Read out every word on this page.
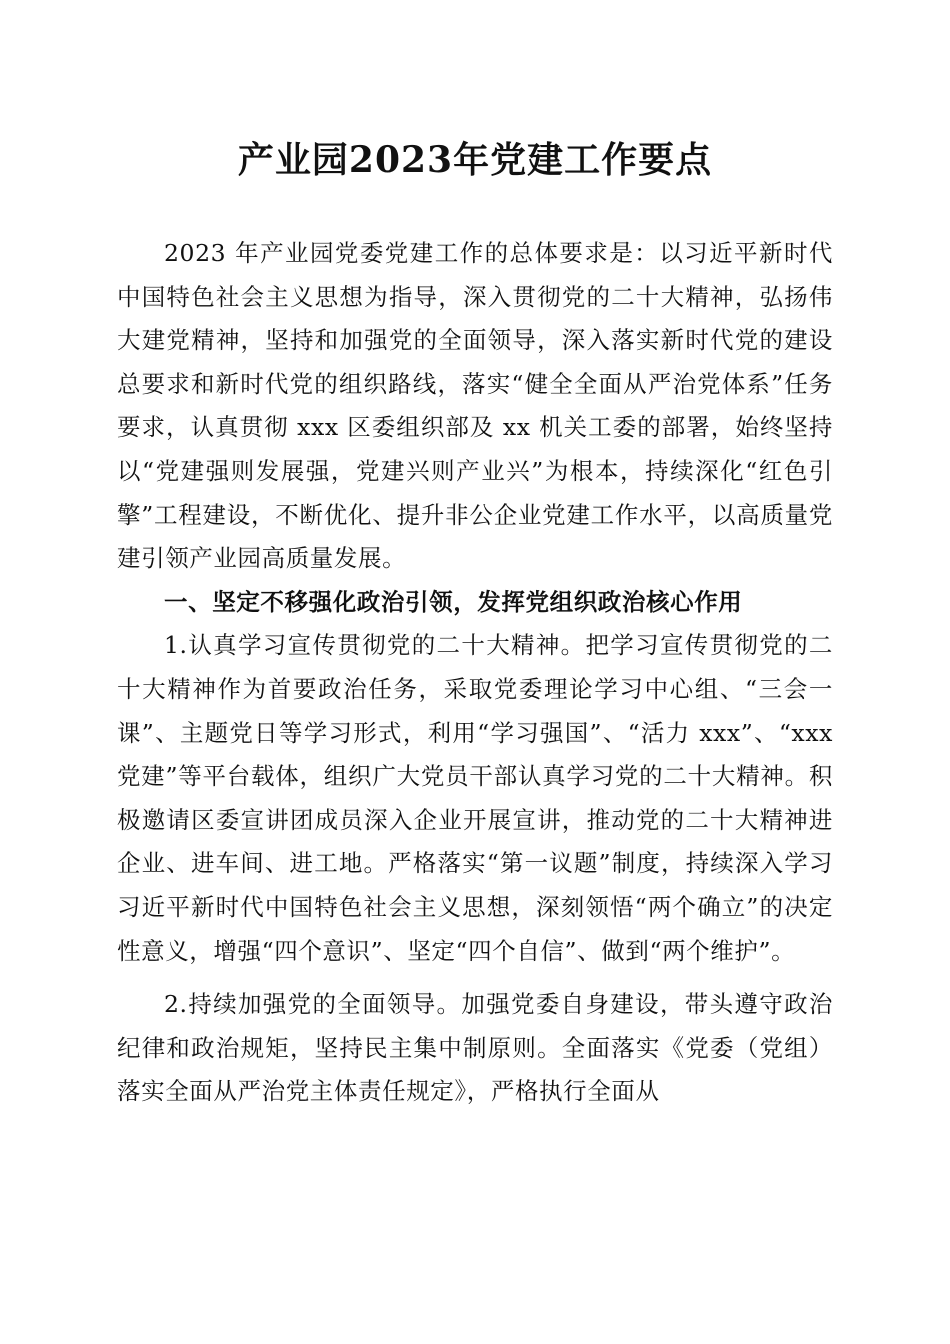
产业园2023年党建工作要点

2023 年产业园党委党建工作的总体要求是：以习近平新时代中国特色社会主义思想为指导，深入贯彻党的二十大精神，弘扬伟大建党精神，坚持和加强党的全面领导，深入落实新时代党的建设总要求和新时代党的组织路线，落实“健全全面从严治党体系”任务要求，认真贯彻 xxx 区委组织部及 xx 机关工委的部署，始终坚持以“党建强则发展强，党建兴则产业兴”为根本，持续深化“红色引擎”工程建设，不断优化、提升非公企业党建工作水平，以高质量党建引领产业园高质量发展。

一、坚定不移强化政治引领，发挥党组织政治核心作用

1.认真学习宣传贯彻党的二十大精神。把学习宣传贯彻党的二十大精神作为首要政治任务，采取党委理论学习中心组、“三会一课”、主题党日等学习形式，利用“学习强国”、“活力 xxx”、“xxx 党建”等平台载体，组织广大党员干部认真学习党的二十大精神。积极邀请区委宣讲团成员深入企业开展宣讲，推动党的二十大精神进企业、进车间、进工地。严格落实“第一议题”制度，持续深入学习习近平新时代中国特色社会主义思想，深刻领悟“两个确立”的决定性意义，增强“四个意识”、坚定“四个自信”、做到“两个维护”。

2.持续加强党的全面领导。加强党委自身建设，带头遵守政治纪律和政治规矩，坚持民主集中制原则。全面落实《党委（党组）落实全面从严治党主体责任规定》，严格执行全面从
